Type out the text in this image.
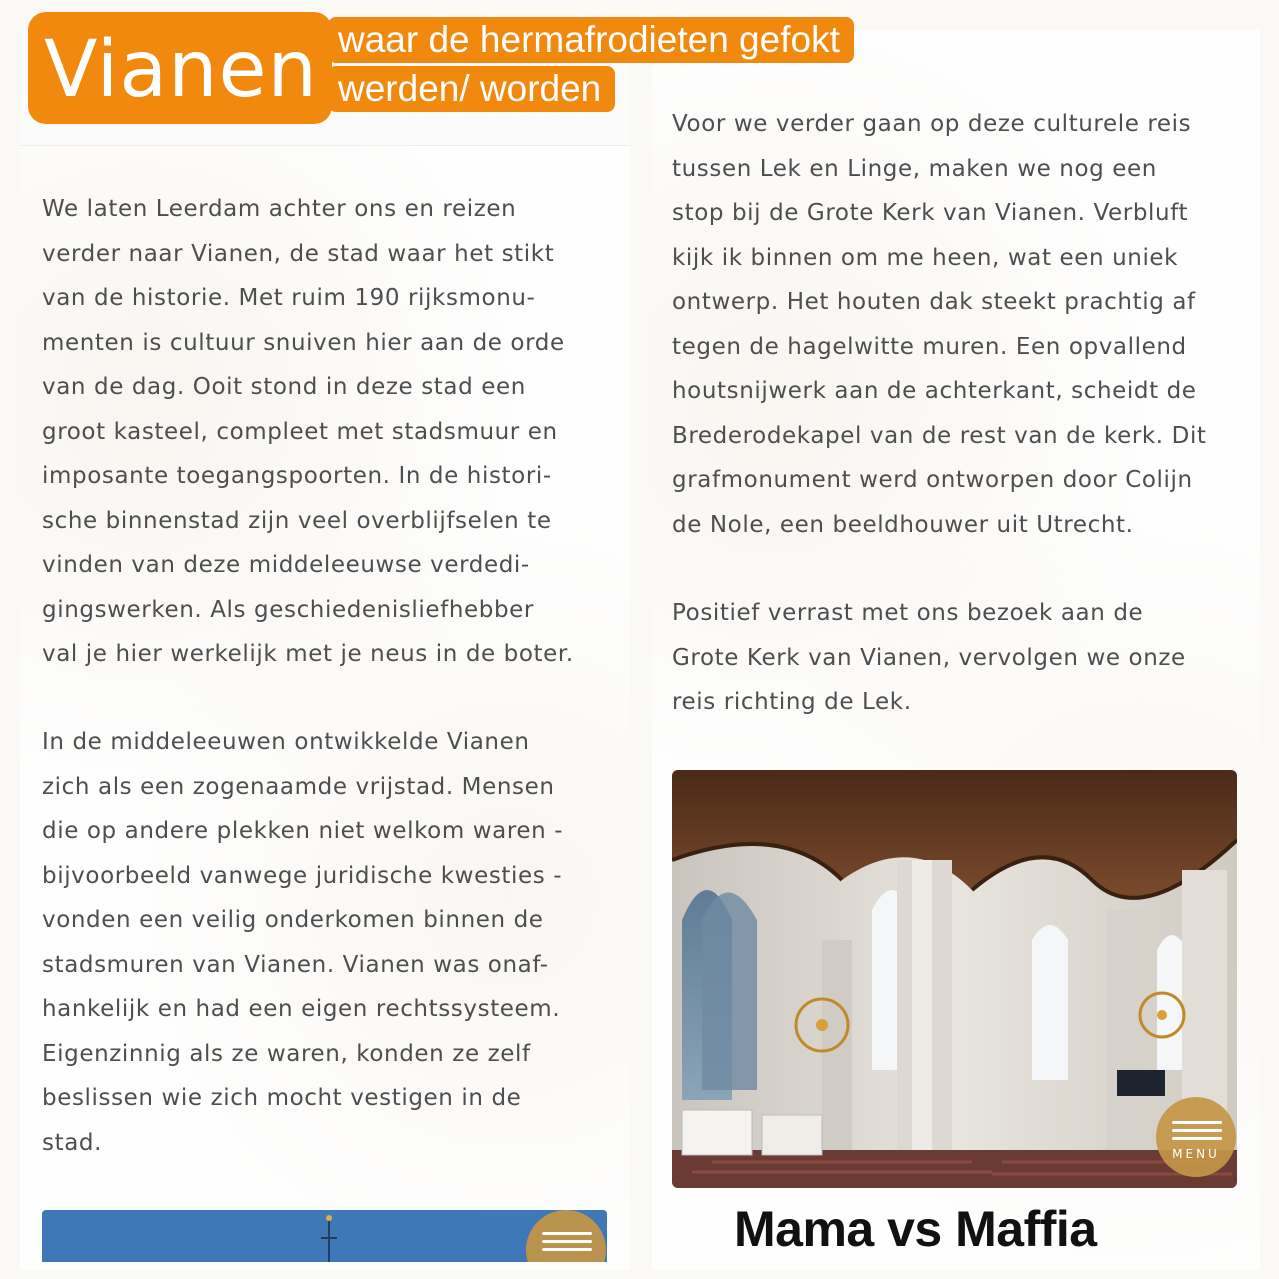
We laten Leerdam achter ons en reizen
verder naar Vianen, de stad waar het stikt
van de historie. Met ruim 190 rijksmonu-
menten is cultuur snuiven hier aan de orde
van de dag. Ooit stond in deze stad een
groot kasteel, compleet met stadsmuur en
imposante toegangspoorten. In de histori-
sche binnenstad zijn veel overblijfselen te
vinden van deze middeleeuwse verdedi-
gingswerken. Als geschiedenisliefhebber
val je hier werkelijk met je neus in de boter.

In de middeleeuwen ontwikkelde Vianen
zich als een zogenaamde vrijstad. Mensen
die op andere plekken niet welkom waren -
bijvoorbeeld vanwege juridische kwesties -
vonden een veilig onderkomen binnen de
stadsmuren van Vianen. Vianen was onaf-
hankelijk en had een eigen rechtssysteem.
Eigenzinnig als ze waren, konden ze zelf
beslissen wie zich mocht vestigen in de
stad.

Voor we verder gaan op deze culturele reis
tussen Lek en Linge, maken we nog een
stop bij de Grote Kerk van Vianen. Verbluft
kijk ik binnen om me heen, wat een uniek
ontwerp. Het houten dak steekt prachtig af
tegen de hagelwitte muren. Een opvallend
houtsnijwerk aan de achterkant, scheidt de
Brederodekapel van de rest van de kerk. Dit
grafmonument werd ontworpen door Colijn
de Nole, een beeldhouwer uit Utrecht.

Positief verrast met ons bezoek aan de
Grote Kerk van Vianen, vervolgen we onze
reis richting de Lek.

MENU
Vianen waar de hermafrodieten gefokt
werden/ worden
Mama vs Maffia
